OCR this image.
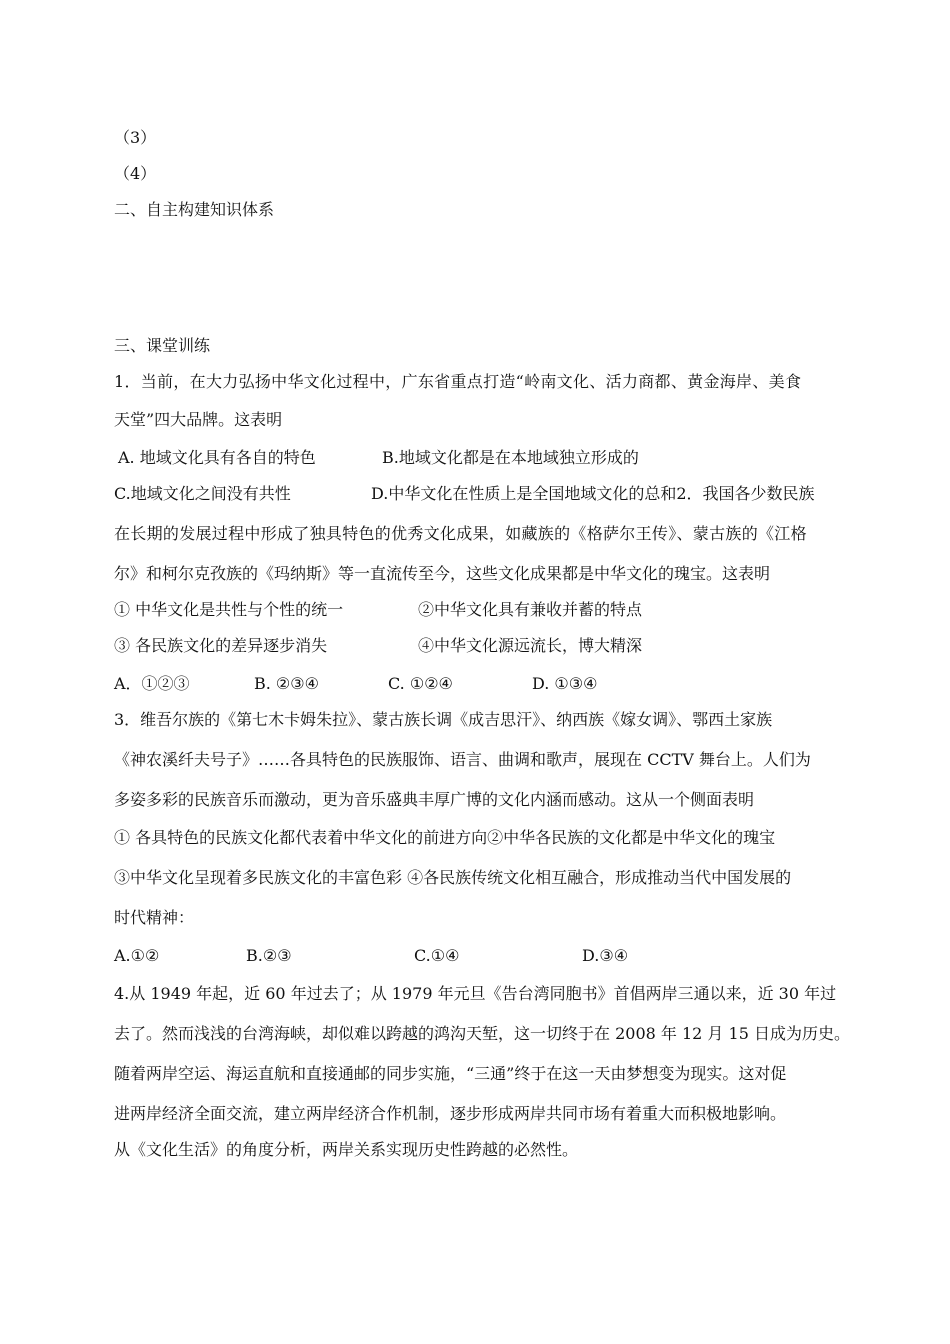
（3）
（4）
二、自主构建知识体系
三、课堂训练
1．当前，在大力弘扬中华文化过程中，广东省重点打造“岭南文化、活力商都、黄金海岸、美食
天堂”四大品牌。这表明
A. 地域文化具有各自的特色	B.地域文化都是在本地域独立形成的
C.地域文化之间没有共性	D.中华文化在性质上是全国地域文化的总和2．我国各少数民族
在长期的发展过程中形成了独具特色的优秀文化成果，如藏族的《格萨尔王传》、蒙古族的《江格
尔》和柯尔克孜族的《玛纳斯》等一直流传至今，这些文化成果都是中华文化的瑰宝。这表明
① 中华文化是共性与个性的统一	②中华文化具有兼收并蓄的特点
③ 各民族文化的差异逐步消失	④中华文化源远流长，博大精深
A．①②③	B. ②③④	C. ①②④	D. ①③④
3．维吾尔族的《第七木卡姆朱拉》、蒙古族长调《成吉思汗》、纳西族《嫁女调》、鄂西土家族
《神农溪纤夫号子》……各具特色的民族服饰、语言、曲调和歌声，展现在 CCTV 舞台上。人们为
多姿多彩的民族音乐而激动，更为音乐盛典丰厚广博的文化内涵而感动。这从一个侧面表明
① 各具特色的民族文化都代表着中华文化的前进方向②中华各民族的文化都是中华文化的瑰宝
③中华文化呈现着多民族文化的丰富色彩 ④各民族传统文化相互融合，形成推动当代中国发展的
时代精神：
A.①②	B.②③	C.①④	D.③④
4.从 1949 年起，近 60 年过去了；从 1979 年元旦《告台湾同胞书》首倡两岸三通以来，近 30 年过
去了。然而浅浅的台湾海峡，却似难以跨越的鸿沟天堑，这一切终于在 2008 年 12 月 15 日成为历史。
随着两岸空运、海运直航和直接通邮的同步实施，“三通”终于在这一天由梦想变为现实。这对促
进两岸经济全面交流，建立两岸经济合作机制，逐步形成两岸共同市场有着重大而积极地影响。
从《文化生活》的角度分析，两岸关系实现历史性跨越的必然性。
